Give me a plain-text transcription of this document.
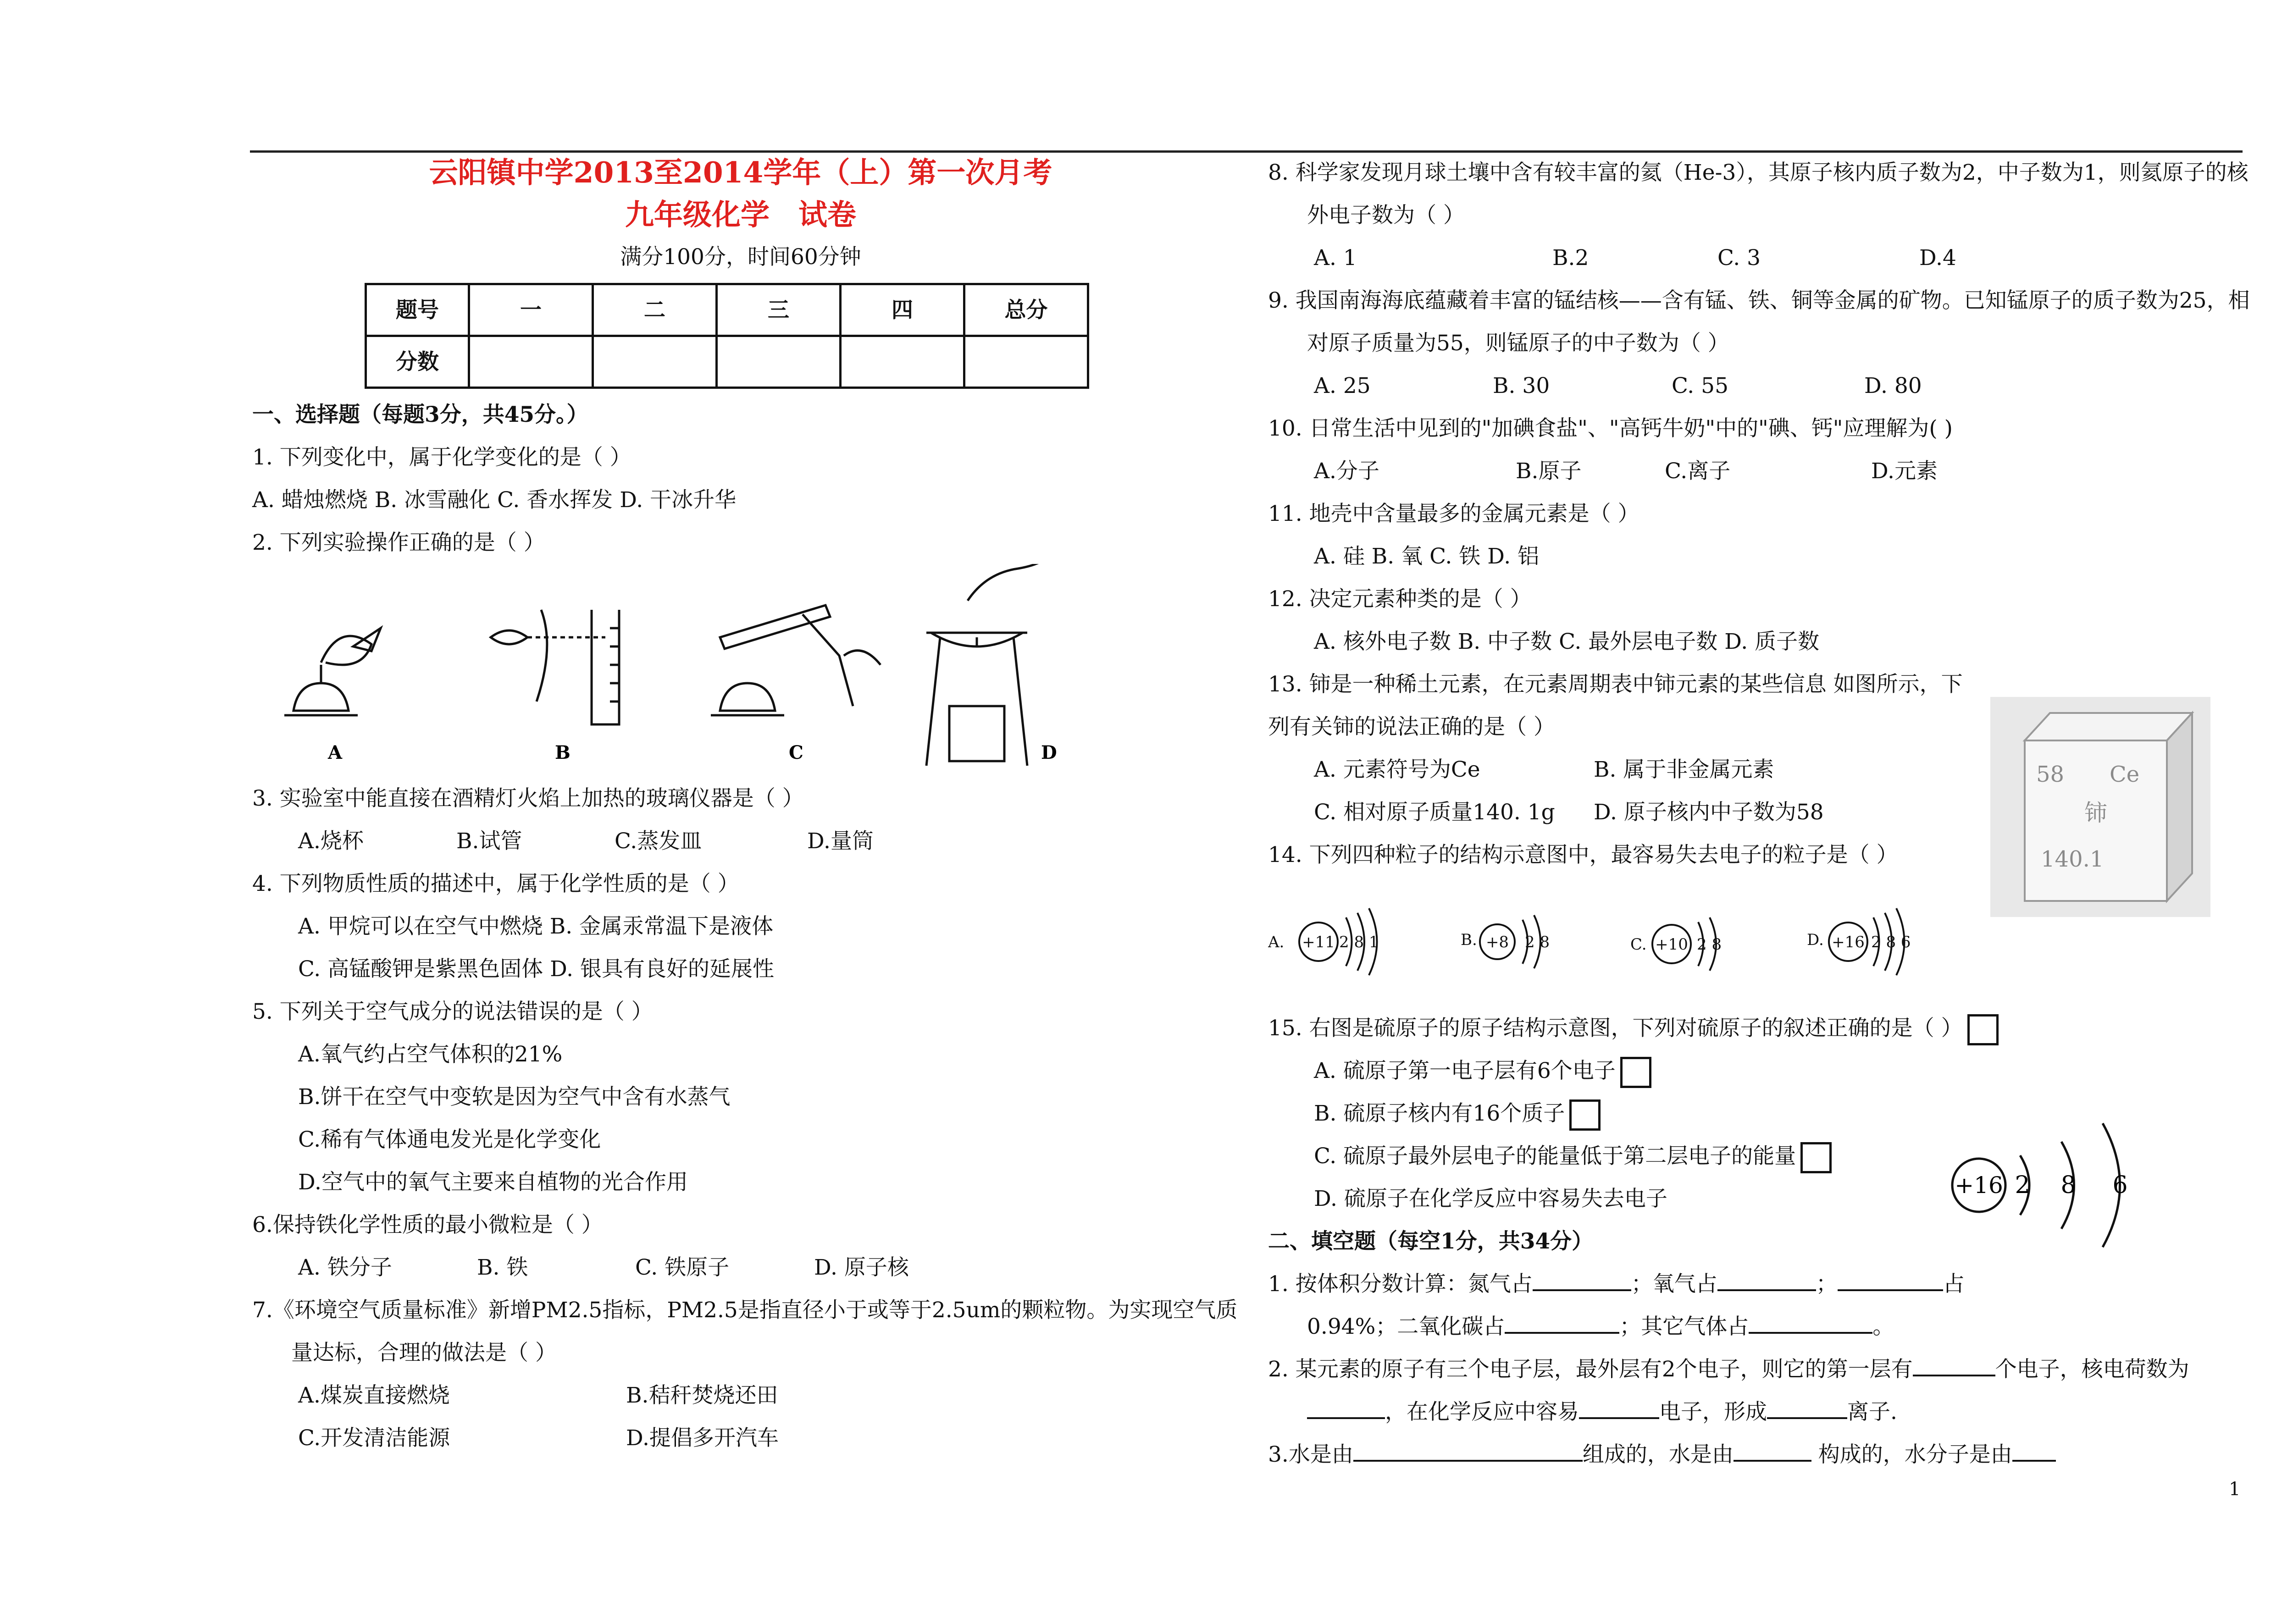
云阳镇中学2013至2014学年（上）第一次月考
九年级化学　试卷
满分100分，时间60分钟
题号	一	二	三	四	总分
分数					
一、选择题（每题3分，共45分。）
1. 下列变化中，属于化学变化的是（ ）
A. 蜡烛燃烧 B. 冰雪融化 C. 香水挥发 D. 干冰升华
2. 下列实验操作正确的是（ ）
A	B	C	D
3. 实验室中能直接在酒精灯火焰上加热的玻璃仪器是（ ）
A.烧杯	B.试管	C.蒸发皿	D.量筒
4. 下列物质性质的描述中，属于化学性质的是（ ）
A. 甲烷可以在空气中燃烧 B. 金属汞常温下是液体
C. 高锰酸钾是紫黑色固体 D. 银具有良好的延展性
5. 下列关于空气成分的说法错误的是（ ）
A.氧气约占空气体积的21%
B.饼干在空气中变软是因为空气中含有水蒸气
C.稀有气体通电发光是化学变化
D.空气中的氧气主要来自植物的光合作用
6.保持铁化学性质的最小微粒是（ ）
A. 铁分子	B. 铁	C. 铁原子	D. 原子核
7.《环境空气质量标准》新增PM2.5指标，PM2.5是指直径小于或等于2.5um的颗粒物。为实现空气质
量达标，合理的做法是（ ）
A.煤炭直接燃烧	B.秸秆焚烧还田
C.开发清洁能源	D.提倡多开汽车
8. 科学家发现月球土壤中含有较丰富的氦（He-3），其原子核内质子数为2，中子数为1，则氦原子的核
外电子数为（ ）
A. 1	B.2	C. 3	D.4
9. 我国南海海底蕴藏着丰富的锰结核——含有锰、铁、铜等金属的矿物。已知锰原子的质子数为25，相
对原子质量为55，则锰原子的中子数为（ ）
A. 25	B. 30	C. 55	D. 80
10. 日常生活中见到的"加碘食盐"、"高钙牛奶"中的"碘、钙"应理解为( )
A.分子	B.原子	C.离子	D.元素
11. 地壳中含量最多的金属元素是（ ）
A. 硅 B. 氧 C. 铁 D. 铝
12. 决定元素种类的是（ ）
A. 核外电子数 B. 中子数 C. 最外层电子数 D. 质子数
13. 铈是一种稀土元素，在元素周期表中铈元素的某些信息 如图所示，下
列有关铈的说法正确的是（ ）
A. 元素符号为Ce	B. 属于非金属元素
C. 相对原子质量140. 1g D. 原子核内中子数为58
14. 下列四种粒子的结构示意图中，最容易失去电子的粒子是（ ）
A. +11 2 8 1	B. +8 2 8	C. +10 2 8	D. +16 2 8 6
15. 右图是硫原子的原子结构示意图，下列对硫原子的叙述正确的是（ ）
A. 硫原子第一电子层有6个电子
B. 硫原子核内有16个质子
C. 硫原子最外层电子的能量低于第二层电子的能量
D. 硫原子在化学反应中容易失去电子
二、填空题（每空1分，共34分）
1. 按体积分数计算：氮气占	；氧气占	；	占
0.94%；二氧化碳占	；其它气体占	。
2. 某元素的原子有三个电子层，最外层有2个电子，则它的第一层有	个电子，核电荷数为
，在化学反应中容易	电子，形成	离子.
3.水是由	组成的，水是由	构成的，水分子是由
58 Ce
铈
140.1
+16 2 8 6
1
